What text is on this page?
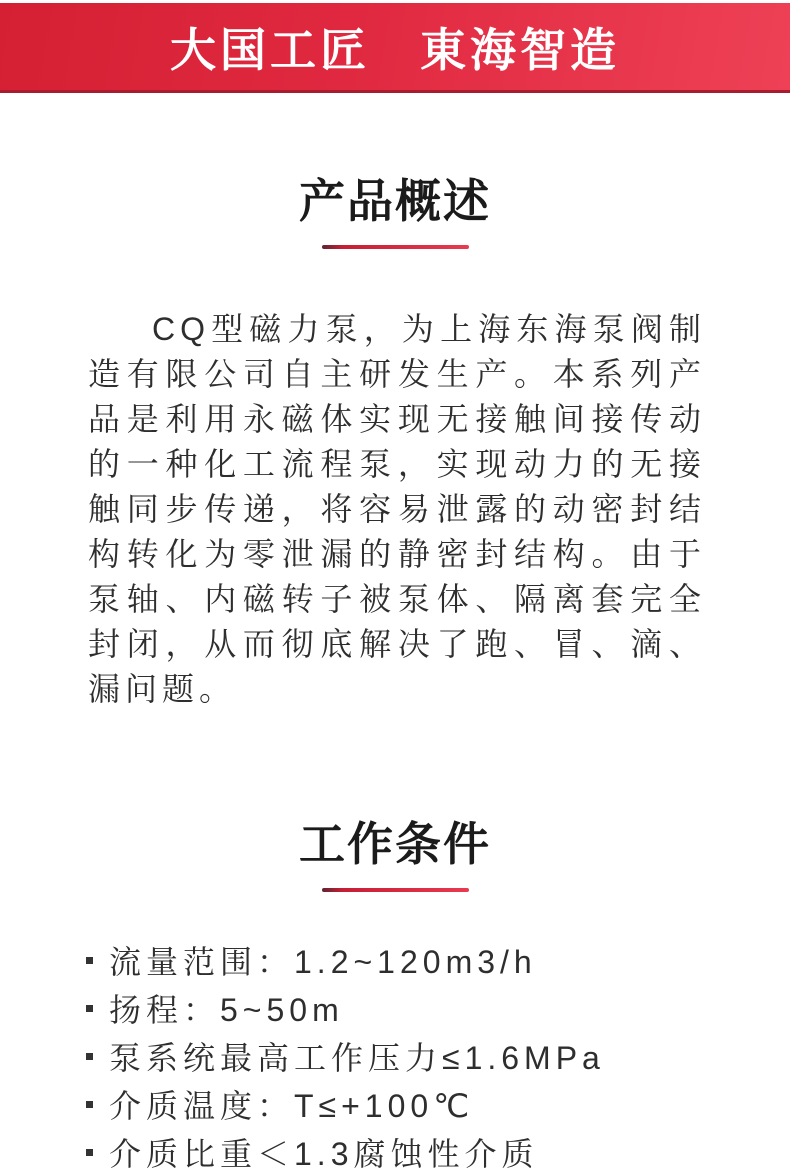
大国工匠　東海智造
产品概述

CQ型磁力泵，为上海东海泵阀制造有限公司自主研发生产。本系列产品是利用永磁体实现无接触间接传动的一种化工流程泵，实现动力的无接触同步传递，将容易泄露的动密封结构转化为零泄漏的静密封结构。由于泵轴、内磁转子被泵体、隔离套完全封闭，从而彻底解决了跑、冒、滴、漏问题。

工作条件
流量范围：1.2~120m3/h
扬程：5~50m
泵系统最高工作压力≤1.6MPa
介质温度：T≤+100℃
介质比重＜1.3腐蚀性介质
